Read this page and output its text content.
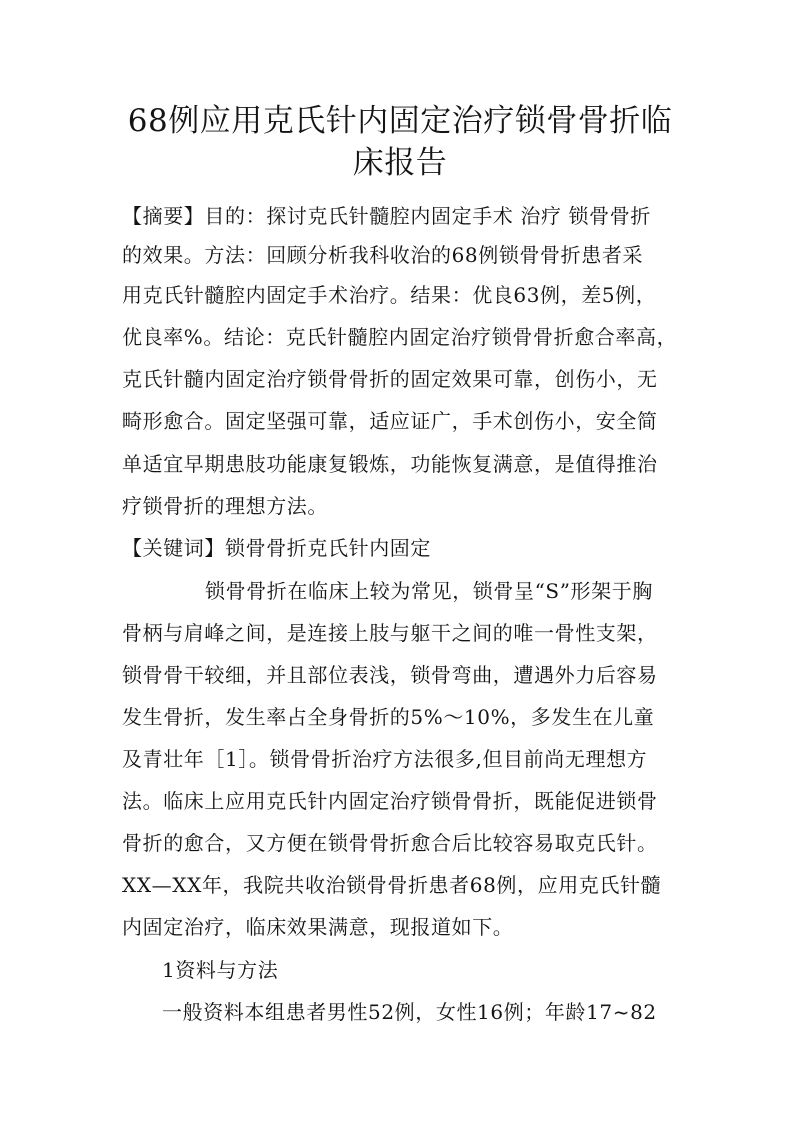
68例应用克氏针内固定治疗锁骨骨折临
床报告
【摘要】目的：探讨克氏针髓腔内固定手术 治疗 锁骨骨折
的效果。方法：回顾分析我科收治的68例锁骨骨折患者采
用克氏针髓腔内固定手术治疗。结果：优良63例，差5例，
优良率%。结论：克氏针髓腔内固定治疗锁骨骨折愈合率高，
克氏针髓内固定治疗锁骨骨折的固定效果可靠，创伤小，无
畸形愈合。固定坚强可靠，适应证广，手术创伤小，安全简
单适宜早期患肢功能康复锻炼，功能恢复满意，是值得推治
疗锁骨折的理想方法。
【关键词】锁骨骨折克氏针内固定
锁骨骨折在临床上较为常见，锁骨呈“S”形架于胸
骨柄与肩峰之间，是连接上肢与躯干之间的唯一骨性支架，
锁骨骨干较细，并且部位表浅，锁骨弯曲，遭遇外力后容易
发生骨折，发生率占全身骨折的5%～10%，多发生在儿童
及青壮年［1］。锁骨骨折治疗方法很多,但目前尚无理想方
法。临床上应用克氏针内固定治疗锁骨骨折，既能促进锁骨
骨折的愈合，又方便在锁骨骨折愈合后比较容易取克氏针。
XX—XX年，我院共收治锁骨骨折患者68例，应用克氏针髓
内固定治疗，临床效果满意，现报道如下。
1资料与方法
一般资料本组患者男性52例，女性16例；年龄17~82
